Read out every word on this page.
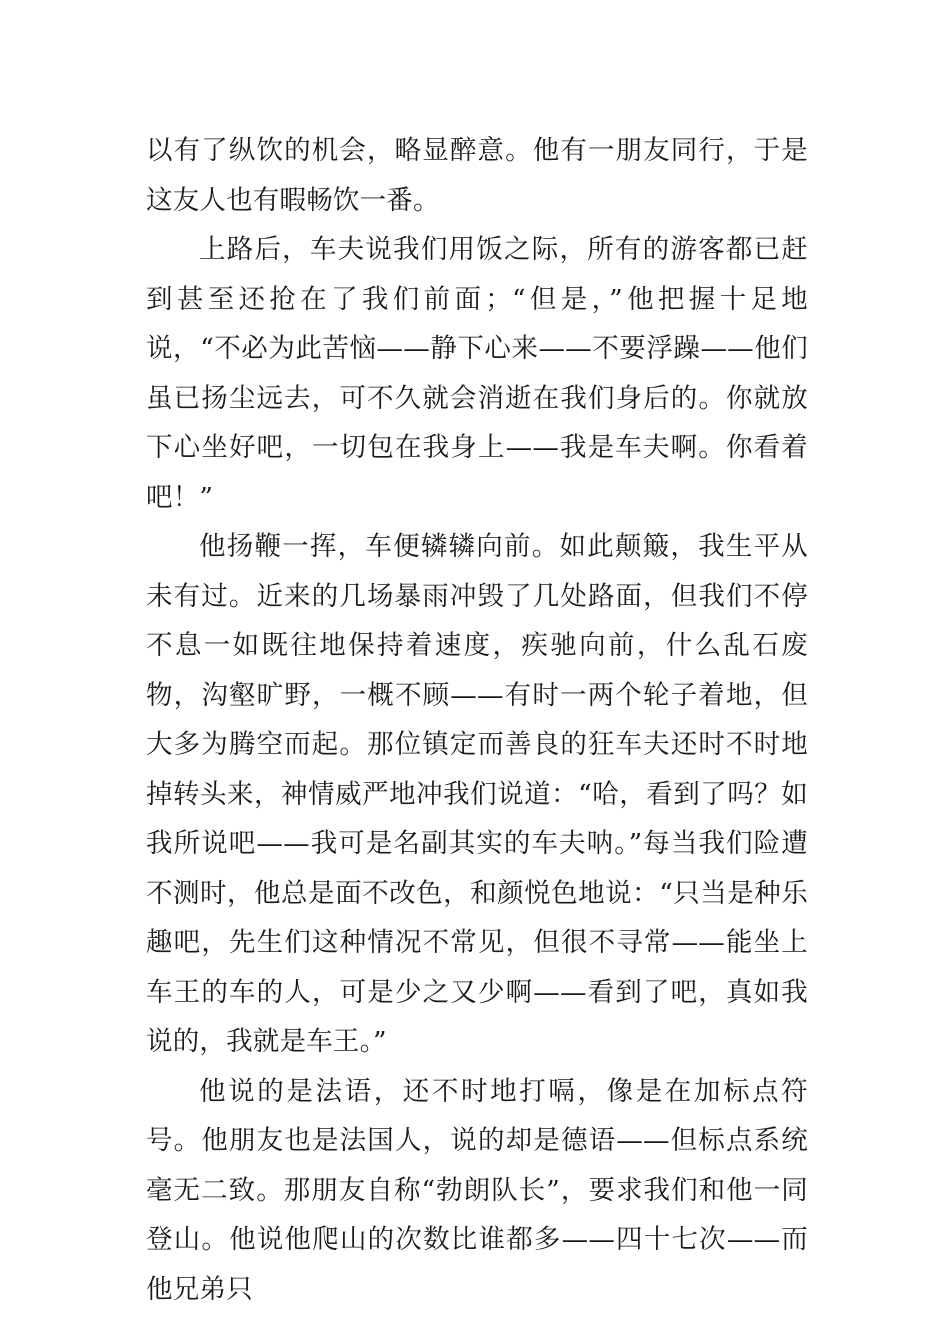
以有了纵饮的机会，略显醉意。他有一朋友同行，于是这友人也有暇畅饮一番。

上路后，车夫说我们用饭之际，所有的游客都已赶到甚至还抢在了我们前面；“但是，”他把握十足地说，“不必为此苦恼——静下心来——不要浮躁——他们虽已扬尘远去，可不久就会消逝在我们身后的。你就放下心坐好吧，一切包在我身上——我是车夫啊。你看着吧！”

他扬鞭一挥，车便辚辚向前。如此颠簸，我生平从未有过。近来的几场暴雨冲毁了几处路面，但我们不停不息一如既往地保持着速度，疾驰向前，什么乱石废物，沟壑旷野，一概不顾——有时一两个轮子着地，但大多为腾空而起。那位镇定而善良的狂车夫还时不时地掉转头来，神情威严地冲我们说道：“哈，看到了吗？如我所说吧——我可是名副其实的车夫呐。”每当我们险遭不测时，他总是面不改色，和颜悦色地说：“只当是种乐趣吧，先生们这种情况不常见，但很不寻常——能坐上车王的车的人，可是少之又少啊——看到了吧，真如我说的，我就是车王。”

他说的是法语，还不时地打嗝，像是在加标点符号。他朋友也是法国人，说的却是德语——但标点系统毫无二致。那朋友自称“勃朗队长”，要求我们和他一同登山。他说他爬山的次数比谁都多——四十七次——而他兄弟只
